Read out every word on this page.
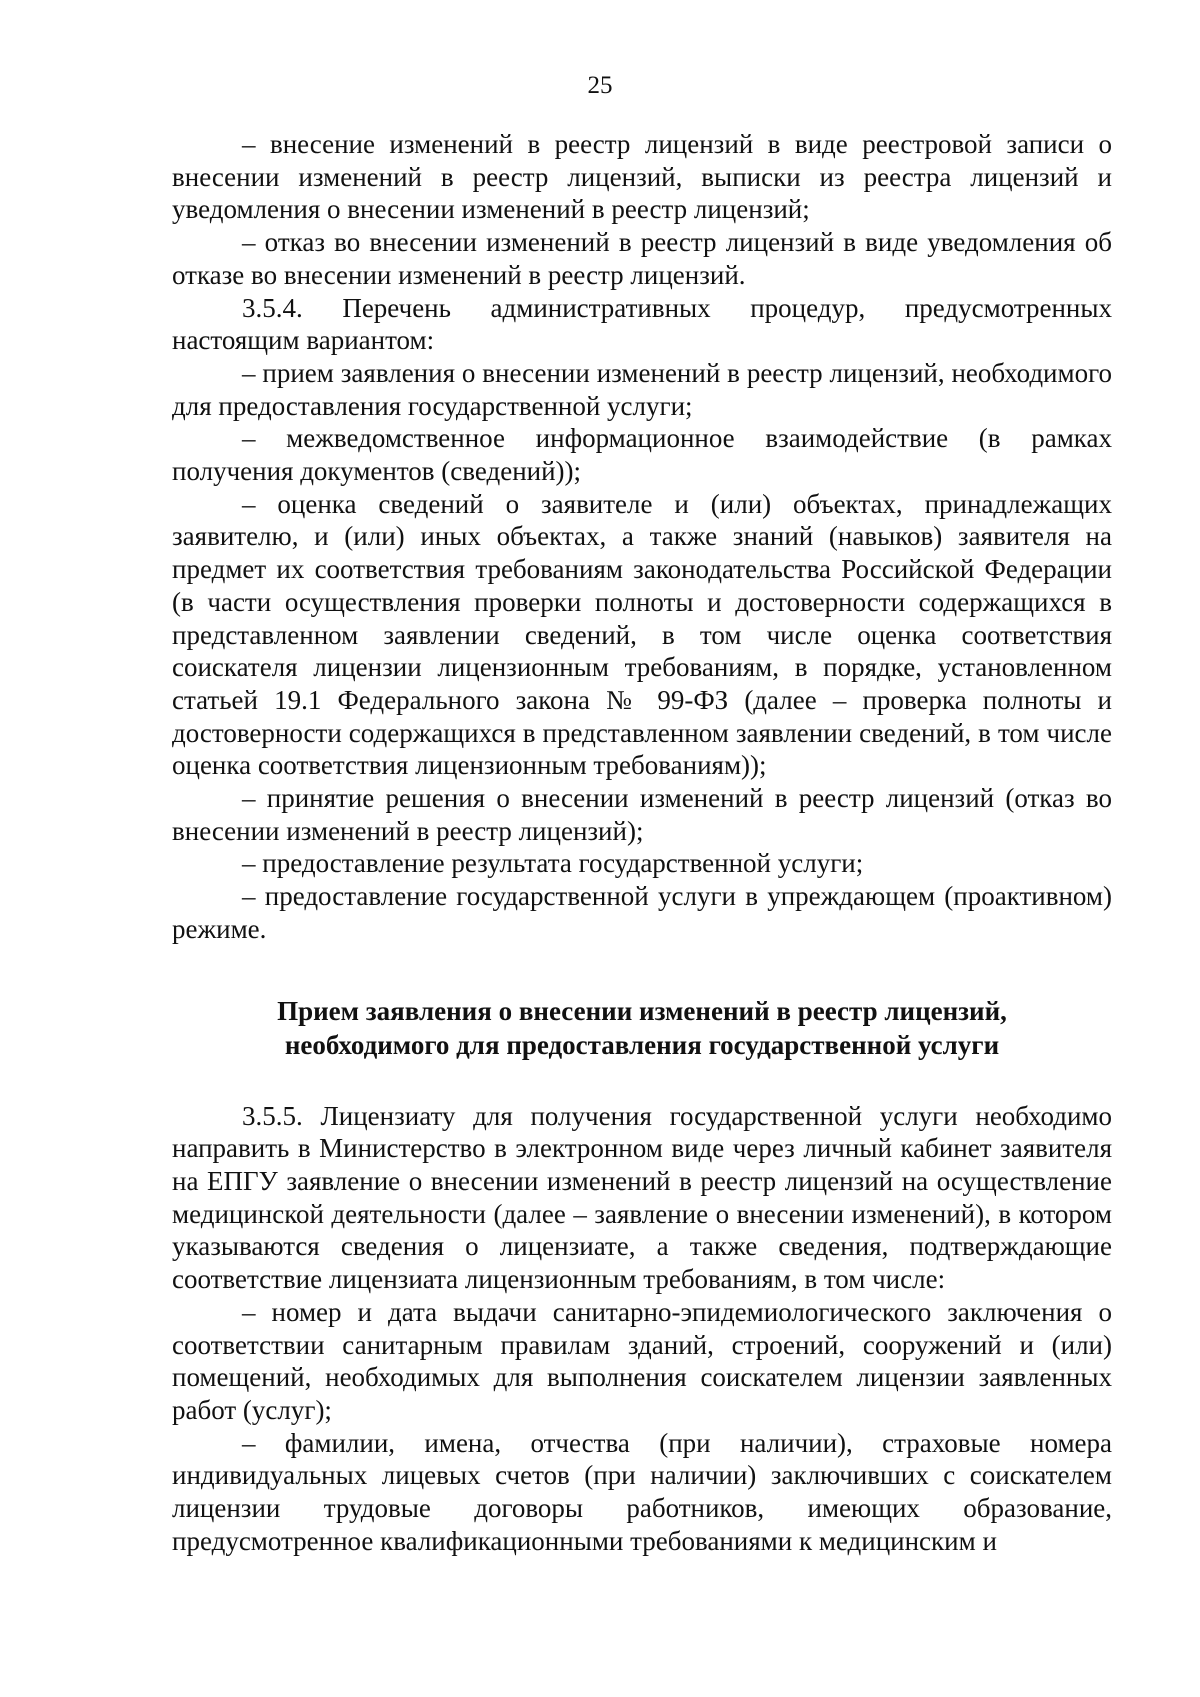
25

– внесение изменений в реестр лицензий в виде реестровой записи о внесении изменений в реестр лицензий, выписки из реестра лицензий и уведомления о внесении изменений в реестр лицензий;

– отказ во внесении изменений в реестр лицензий в виде уведомления об отказе во внесении изменений в реестр лицензий.

3.5.4. Перечень административных процедур, предусмотренных настоящим вариантом:

– прием заявления о внесении изменений в реестр лицензий, необходимого для предоставления государственной услуги;

– межведомственное информационное взаимодействие (в рамках получения документов (сведений));

– оценка сведений о заявителе и (или) объектах, принадлежащих заявителю, и (или) иных объектах, а также знаний (навыков) заявителя на предмет их соответствия требованиям законодательства Российской Федерации (в части осуществления проверки полноты и достоверности содержащихся в представленном заявлении сведений, в том числе оценка соответствия соискателя лицензии лицензионным требованиям, в порядке, установленном статьей 19.1 Федерального закона № 99-ФЗ (далее – проверка полноты и достоверности содержащихся в представленном заявлении сведений, в том числе оценка соответствия лицензионным требованиям));

– принятие решения о внесении изменений в реестр лицензий (отказ во внесении изменений в реестр лицензий);

– предоставление результата государственной услуги;

– предоставление государственной услуги в упреждающем (проактивном) режиме.

Прием заявления о внесении изменений в реестр лицензий,
необходимого для предоставления государственной услуги

3.5.5. Лицензиату для получения государственной услуги необходимо направить в Министерство в электронном виде через личный кабинет заявителя на ЕПГУ заявление о внесении изменений в реестр лицензий на осуществление медицинской деятельности (далее – заявление о внесении изменений), в котором указываются сведения о лицензиате, а также сведения, подтверждающие соответствие лицензиата лицензионным требованиям, в том числе:

– номер и дата выдачи санитарно-эпидемиологического заключения о соответствии санитарным правилам зданий, строений, сооружений и (или) помещений, необходимых для выполнения соискателем лицензии заявленных работ (услуг);

– фамилии, имена, отчества (при наличии), страховые номера индивидуальных лицевых счетов (при наличии) заключивших с соискателем лицензии трудовые договоры работников, имеющих образование, предусмотренное квалификационными требованиями к медицинским и
